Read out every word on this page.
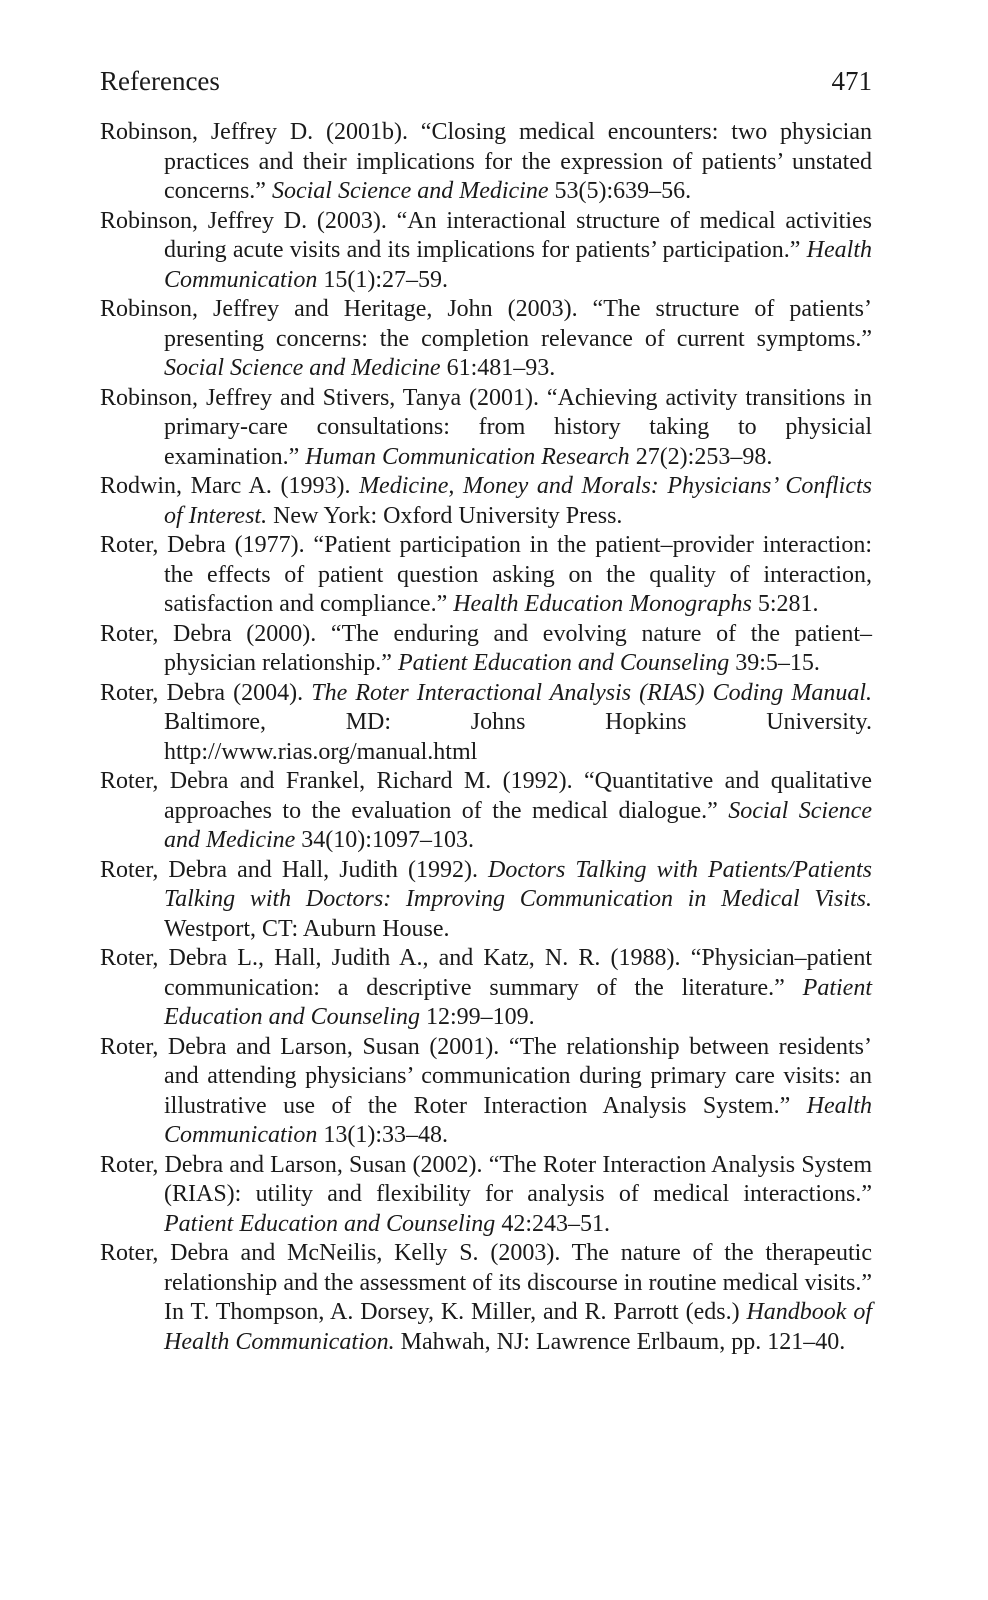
References	471

Robinson, Jeffrey D. (2001b). “Closing medical encounters: two physician practices and their implications for the expression of patients’ unstated concerns.” Social Science and Medicine 53(5):639–56.

Robinson, Jeffrey D. (2003). “An interactional structure of medical activities during acute visits and its implications for patients’ participation.” Health Communication 15(1):27–59.

Robinson, Jeffrey and Heritage, John (2003). “The structure of patients’ presenting concerns: the completion relevance of current symptoms.” Social Science and Medicine 61:481–93.

Robinson, Jeffrey and Stivers, Tanya (2001). “Achieving activity transitions in primary-care consultations: from history taking to physicial examination.” Human Communication Research 27(2):253–98.

Rodwin, Marc A. (1993). Medicine, Money and Morals: Physicians’ Conflicts of Interest. New York: Oxford University Press.

Roter, Debra (1977). “Patient participation in the patient–provider interaction: the effects of patient question asking on the quality of interaction, satisfaction and compliance.” Health Education Monographs 5:281.

Roter, Debra (2000). “The enduring and evolving nature of the patient–physician relationship.” Patient Education and Counseling 39:5–15.

Roter, Debra (2004). The Roter Interactional Analysis (RIAS) Coding Manual. Baltimore, MD: Johns Hopkins University. http://www.rias.org/manual.html

Roter, Debra and Frankel, Richard M. (1992). “Quantitative and qualitative approaches to the evaluation of the medical dialogue.” Social Science and Medicine 34(10):1097–103.

Roter, Debra and Hall, Judith (1992). Doctors Talking with Patients/Patients Talking with Doctors: Improving Communication in Medical Visits. Westport, CT: Auburn House.

Roter, Debra L., Hall, Judith A., and Katz, N. R. (1988). “Physician–patient communication: a descriptive summary of the literature.” Patient Education and Counseling 12:99–109.

Roter, Debra and Larson, Susan (2001). “The relationship between residents’ and attending physicians’ communication during primary care visits: an illustrative use of the Roter Interaction Analysis System.” Health Communication 13(1):33–48.

Roter, Debra and Larson, Susan (2002). “The Roter Interaction Analysis System (RIAS): utility and flexibility for analysis of medical interactions.” Patient Education and Counseling 42:243–51.

Roter, Debra and McNeilis, Kelly S. (2003). The nature of the therapeutic relationship and the assessment of its discourse in routine medical visits.” In T. Thompson, A. Dorsey, K. Miller, and R. Parrott (eds.) Handbook of Health Communication. Mahwah, NJ: Lawrence Erlbaum, pp. 121–40.
